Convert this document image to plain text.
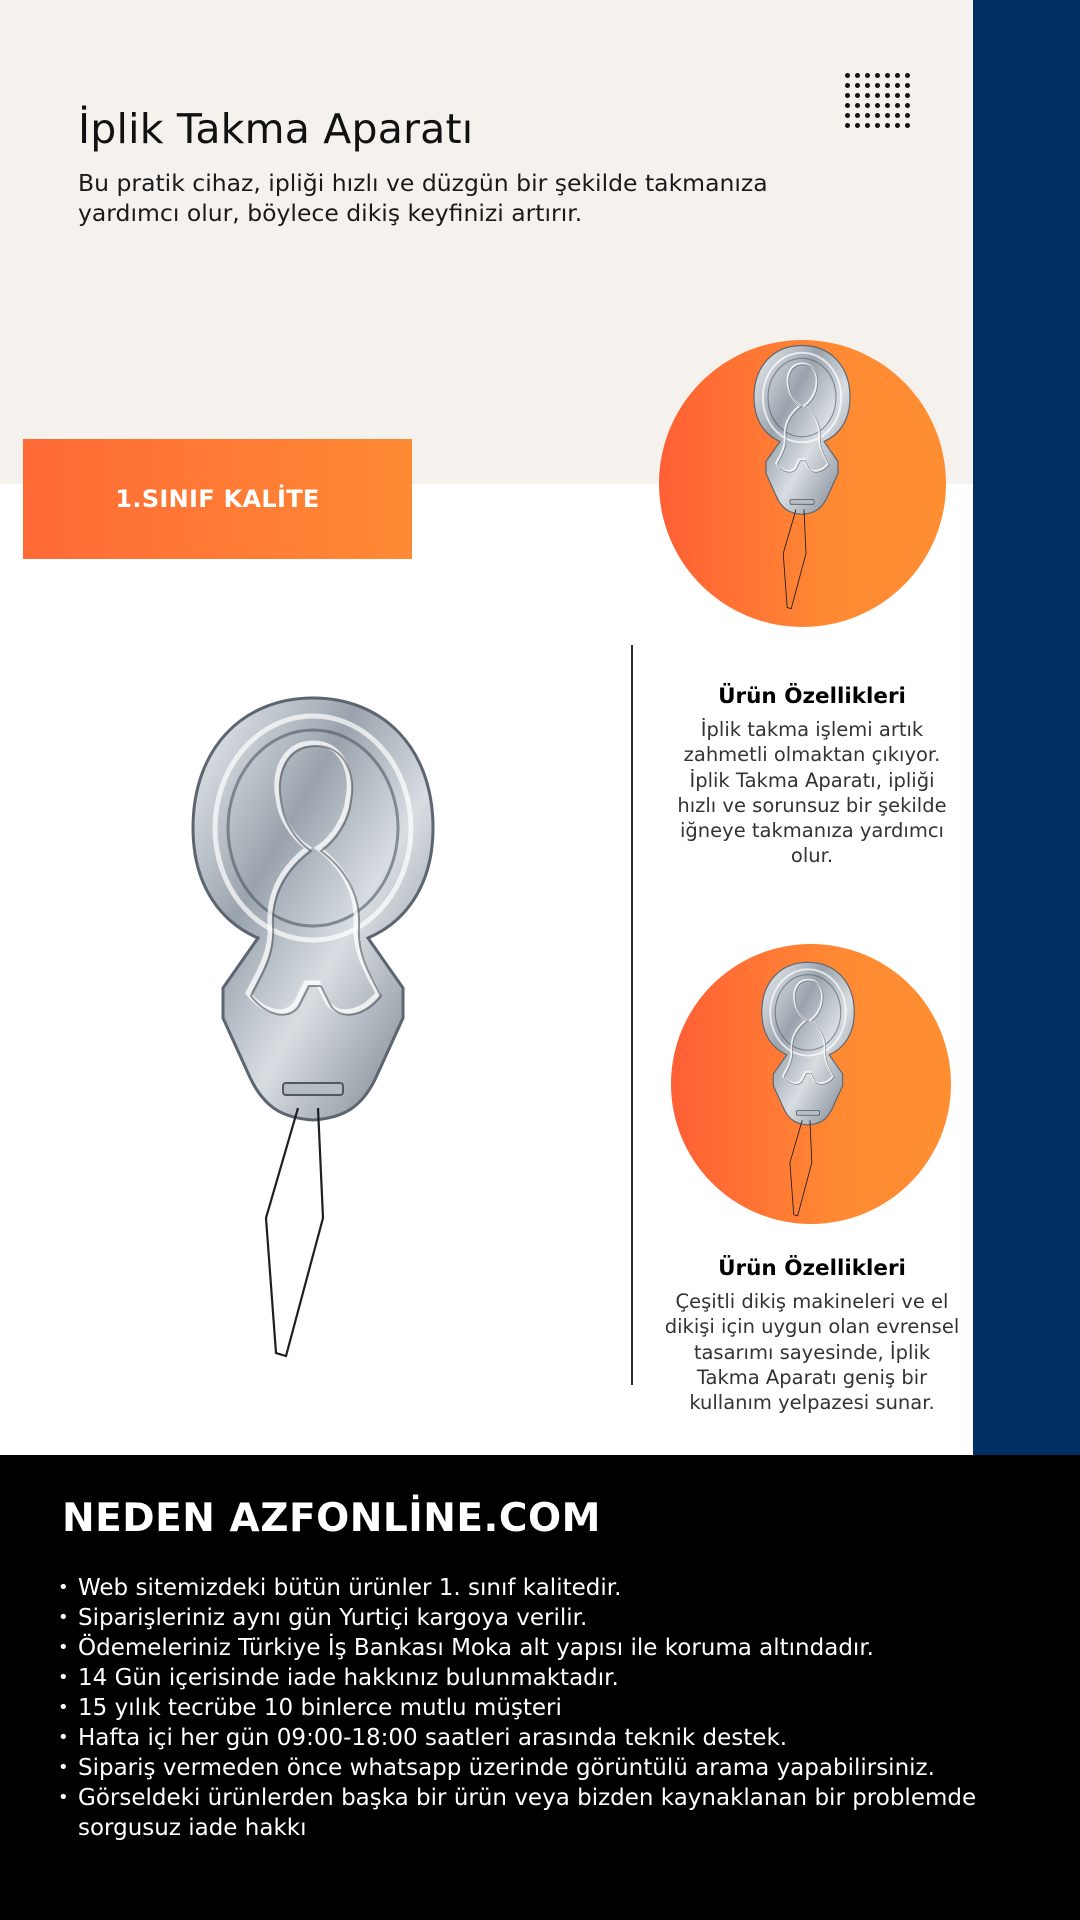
İplik Takma Aparatı

Bu pratik cihaz, ipliği hızlı ve düzgün bir şekilde takmanıza yardımcı olur, böylece dikiş keyfinizi artırır.

1.SINIF KALİTE
Ürün Özellikleri

İplik takma işlemi artık zahmetli olmaktan çıkıyor. İplik Takma Aparatı, ipliği hızlı ve sorunsuz bir şekilde iğneye takmanıza yardımcı olur.

Ürün Özellikleri

Çeşitli dikiş makineleri ve el dikişi için uygun olan evrensel tasarımı sayesinde, İplik Takma Aparatı geniş bir kullanım yelpazesi sunar.

NEDEN AZFONLİNE.COM
• Web sitemizdeki bütün ürünler 1. sınıf kalitedir.
• Siparişleriniz aynı gün Yurtiçi kargoya verilir.
• Ödemeleriniz Türkiye İş Bankası Moka alt yapısı ile koruma altındadır.
• 14 Gün içerisinde iade hakkınız bulunmaktadır.
• 15 yılık tecrübe 10 binlerce mutlu müşteri
• Hafta içi her gün 09:00-18:00 saatleri arasında teknik destek.
• Sipariş vermeden önce whatsapp üzerinde görüntülü arama yapabilirsiniz.
• Görseldeki ürünlerden başka bir ürün veya bizden kaynaklanan bir problemde sorgusuz iade hakkı
